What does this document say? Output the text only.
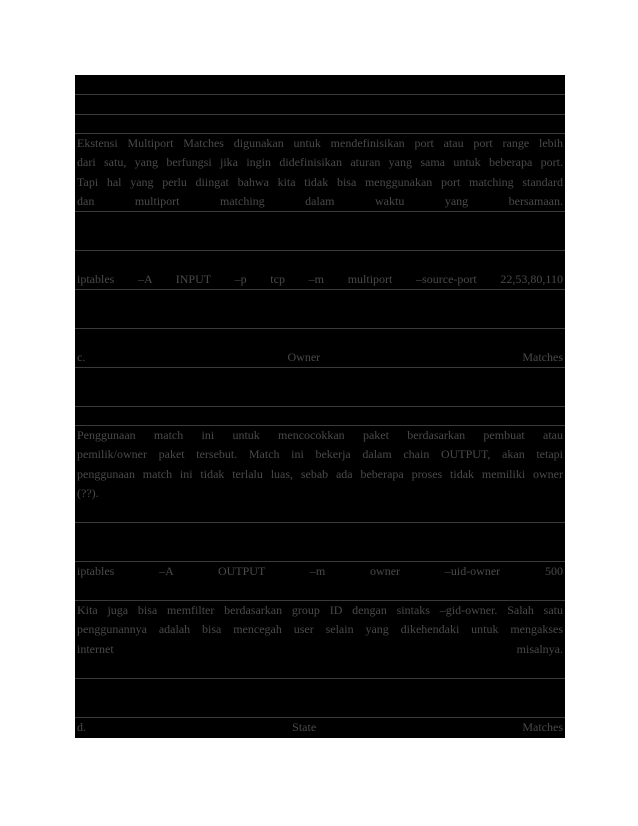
Ekstensi Multiport Matches digunakan untuk mendefinisikan port atau port range lebih
dari satu, yang berfungsi jika ingin didefinisikan aturan yang sama untuk beberapa port.
Tapi hal yang perlu diingat bahwa kita tidak bisa menggunakan port matching standard
dan multiport matching dalam waktu yang bersamaan.
iptables –A INPUT –p tcp –m multiport –source-port 22,53,80,110
c. Owner Matches
Penggunaan match ini untuk mencocokkan paket berdasarkan pembuat atau
pemilik/owner paket tersebut. Match ini bekerja dalam chain OUTPUT, akan tetapi
penggunaan match ini tidak terlalu luas, sebab ada beberapa proses tidak memiliki owner
(??).
iptables –A OUTPUT –m owner –uid-owner 500
Kita juga bisa memfilter berdasarkan group ID dengan sintaks –gid-owner. Salah satu
penggunannya adalah bisa mencegah user selain yang dikehendaki untuk mengakses
internet misalnya.
d. State Matches
